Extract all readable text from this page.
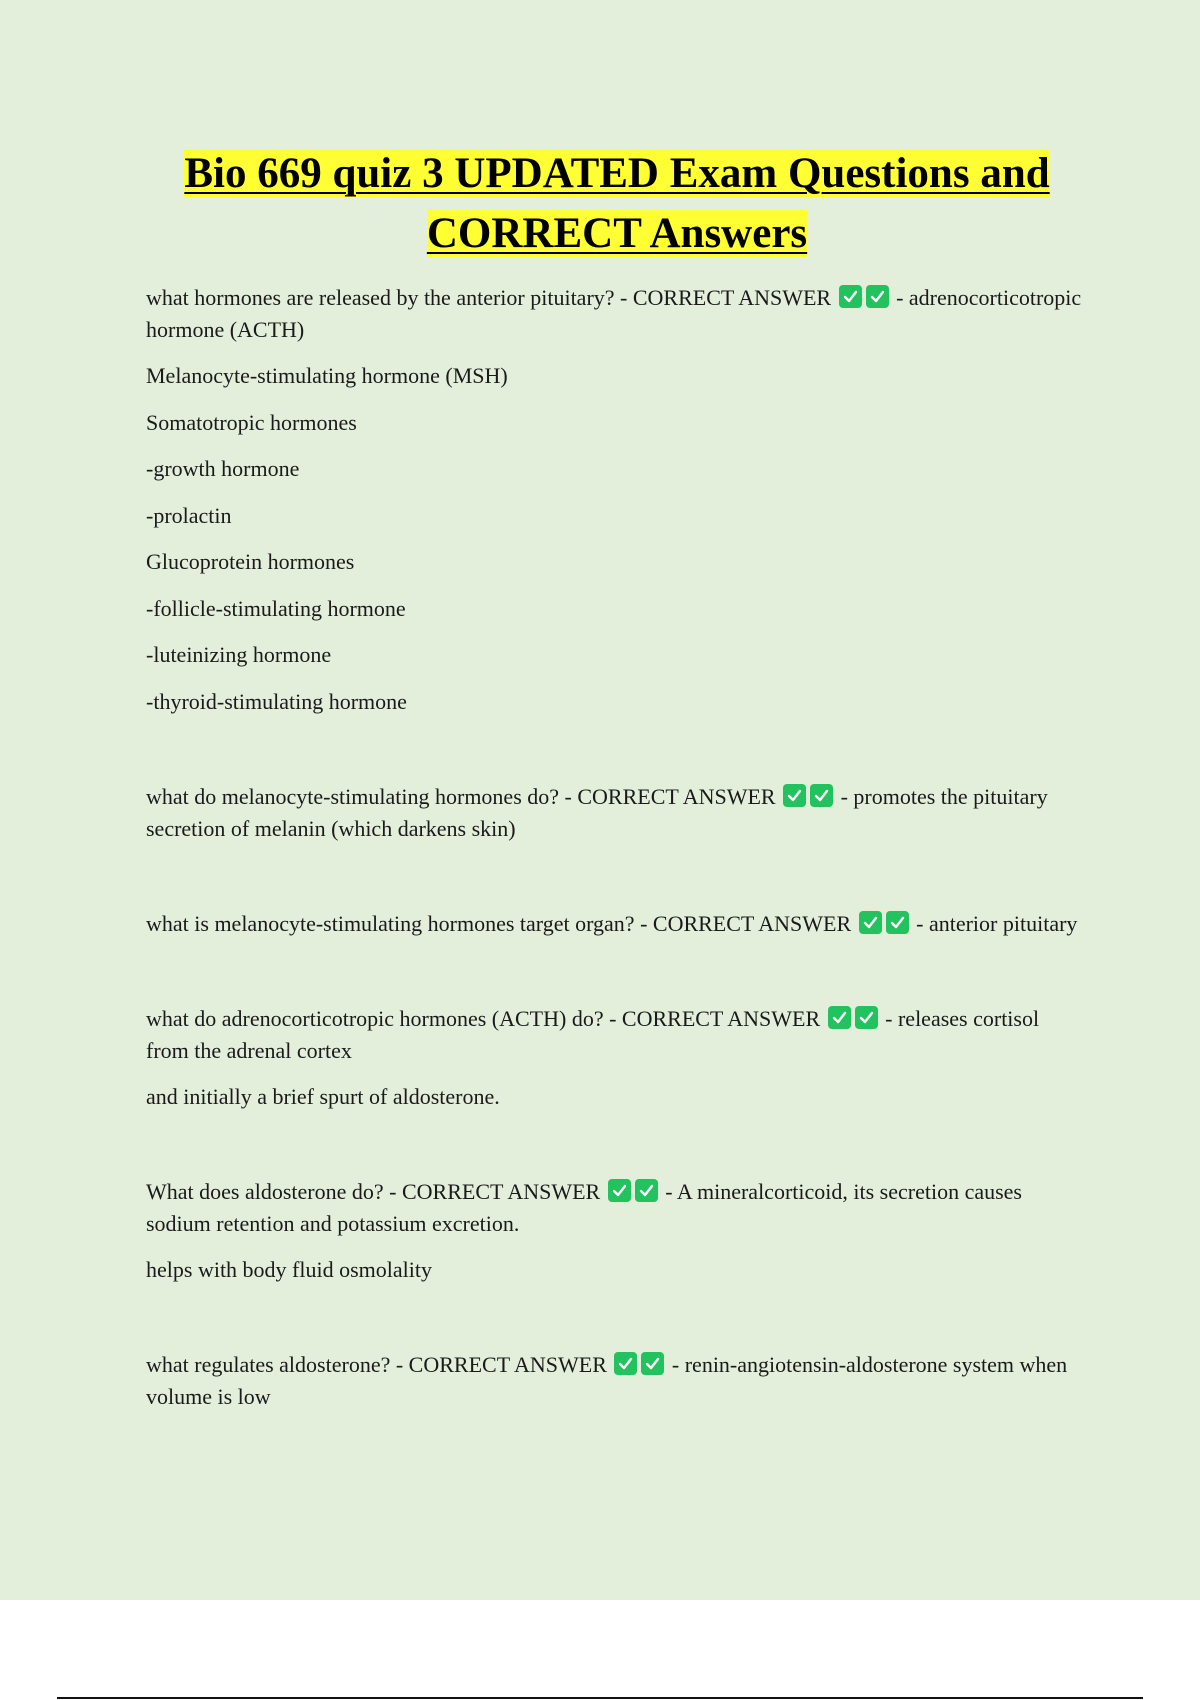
Bio 669 quiz 3 UPDATED Exam Questions and CORRECT Answers

what hormones are released by the anterior pituitary? - CORRECT ANSWER	- adrenocorticotropic hormone (ACTH)

Melanocyte-stimulating hormone (MSH)

Somatotropic hormones

-growth hormone

-prolactin

Glucoprotein hormones

-follicle-stimulating hormone

-luteinizing hormone

-thyroid-stimulating hormone

what do melanocyte-stimulating hormones do? - CORRECT ANSWER	- promotes the pituitary secretion of melanin (which darkens skin)

what is melanocyte-stimulating hormones target organ? - CORRECT ANSWER	- anterior pituitary

what do adrenocorticotropic hormones (ACTH) do? - CORRECT ANSWER	- releases cortisol from the adrenal cortex

and initially a brief spurt of aldosterone.

What does aldosterone do? - CORRECT ANSWER	- A mineralcorticoid, its secretion causes sodium retention and potassium excretion.

helps with body fluid osmolality

what regulates aldosterone? - CORRECT ANSWER	- renin-angiotensin-aldosterone system when volume is low
